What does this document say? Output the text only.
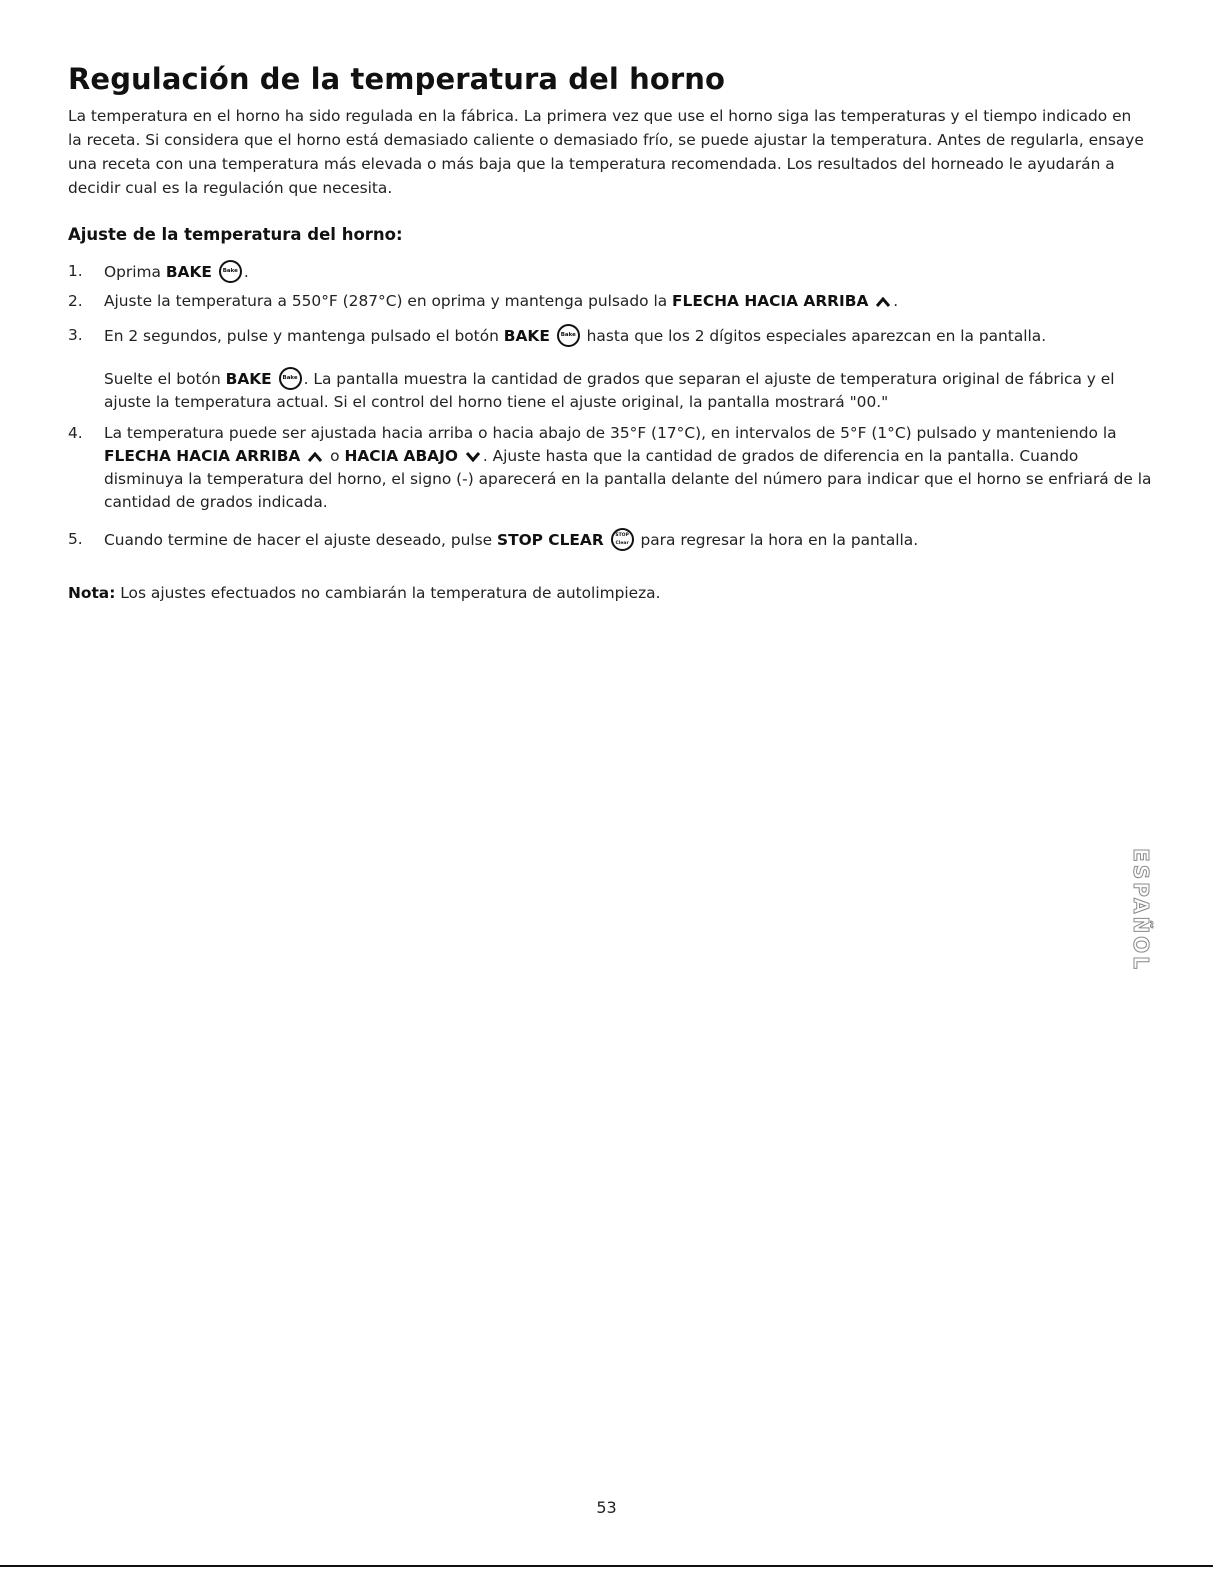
Regulación de la temperatura del horno

La temperatura en el horno ha sido regulada en la fábrica. La primera vez que use el horno siga las temperaturas y el tiempo indicado en la receta. Si considera que el horno está demasiado caliente o demasiado frío, se puede ajustar la temperatura. Antes de regularla, ensaye una receta con una temperatura más elevada o más baja que la temperatura recomendada. Los resultados del horneado le ayudarán a decidir cual es la regulación que necesita.

Ajuste de la temperatura del horno:
1.	Oprima BAKE Bake .
2.	Ajuste la temperatura a 550°F (287°C) en oprima y mantenga pulsado la FLECHA HACIA ARRIBA .
3.	En 2 segundos, pulse y mantenga pulsado el botón BAKE Bake hasta que los 2 dígitos especiales aparezcan en la pantalla.
Suelte el botón BAKE Bake . La pantalla muestra la cantidad de grados que separan el ajuste de temperatura original de fábrica y el ajuste la temperatura actual. Si el control del horno tiene el ajuste original, la pantalla mostrará "00."
4.	La temperatura puede ser ajustada hacia arriba o hacia abajo de 35°F (17°C), en intervalos de 5°F (1°C) pulsado y manteniendo la FLECHA HACIA ARRIBA  o HACIA ABAJO . Ajuste hasta que la cantidad de grados de diferencia en la pantalla. Cuando disminuya la temperatura del horno, el signo (-) aparecerá en la pantalla delante del número para indicar que el horno se enfriará de la cantidad de grados indicada.
5.	Cuando termine de hacer el ajuste deseado, pulse STOP CLEAR	STOP
Clear para regresar la hora en la pantalla.

Nota: Los ajustes efectuados no cambiarán la temperatura de autolimpieza.

ESPAÑOL
53
